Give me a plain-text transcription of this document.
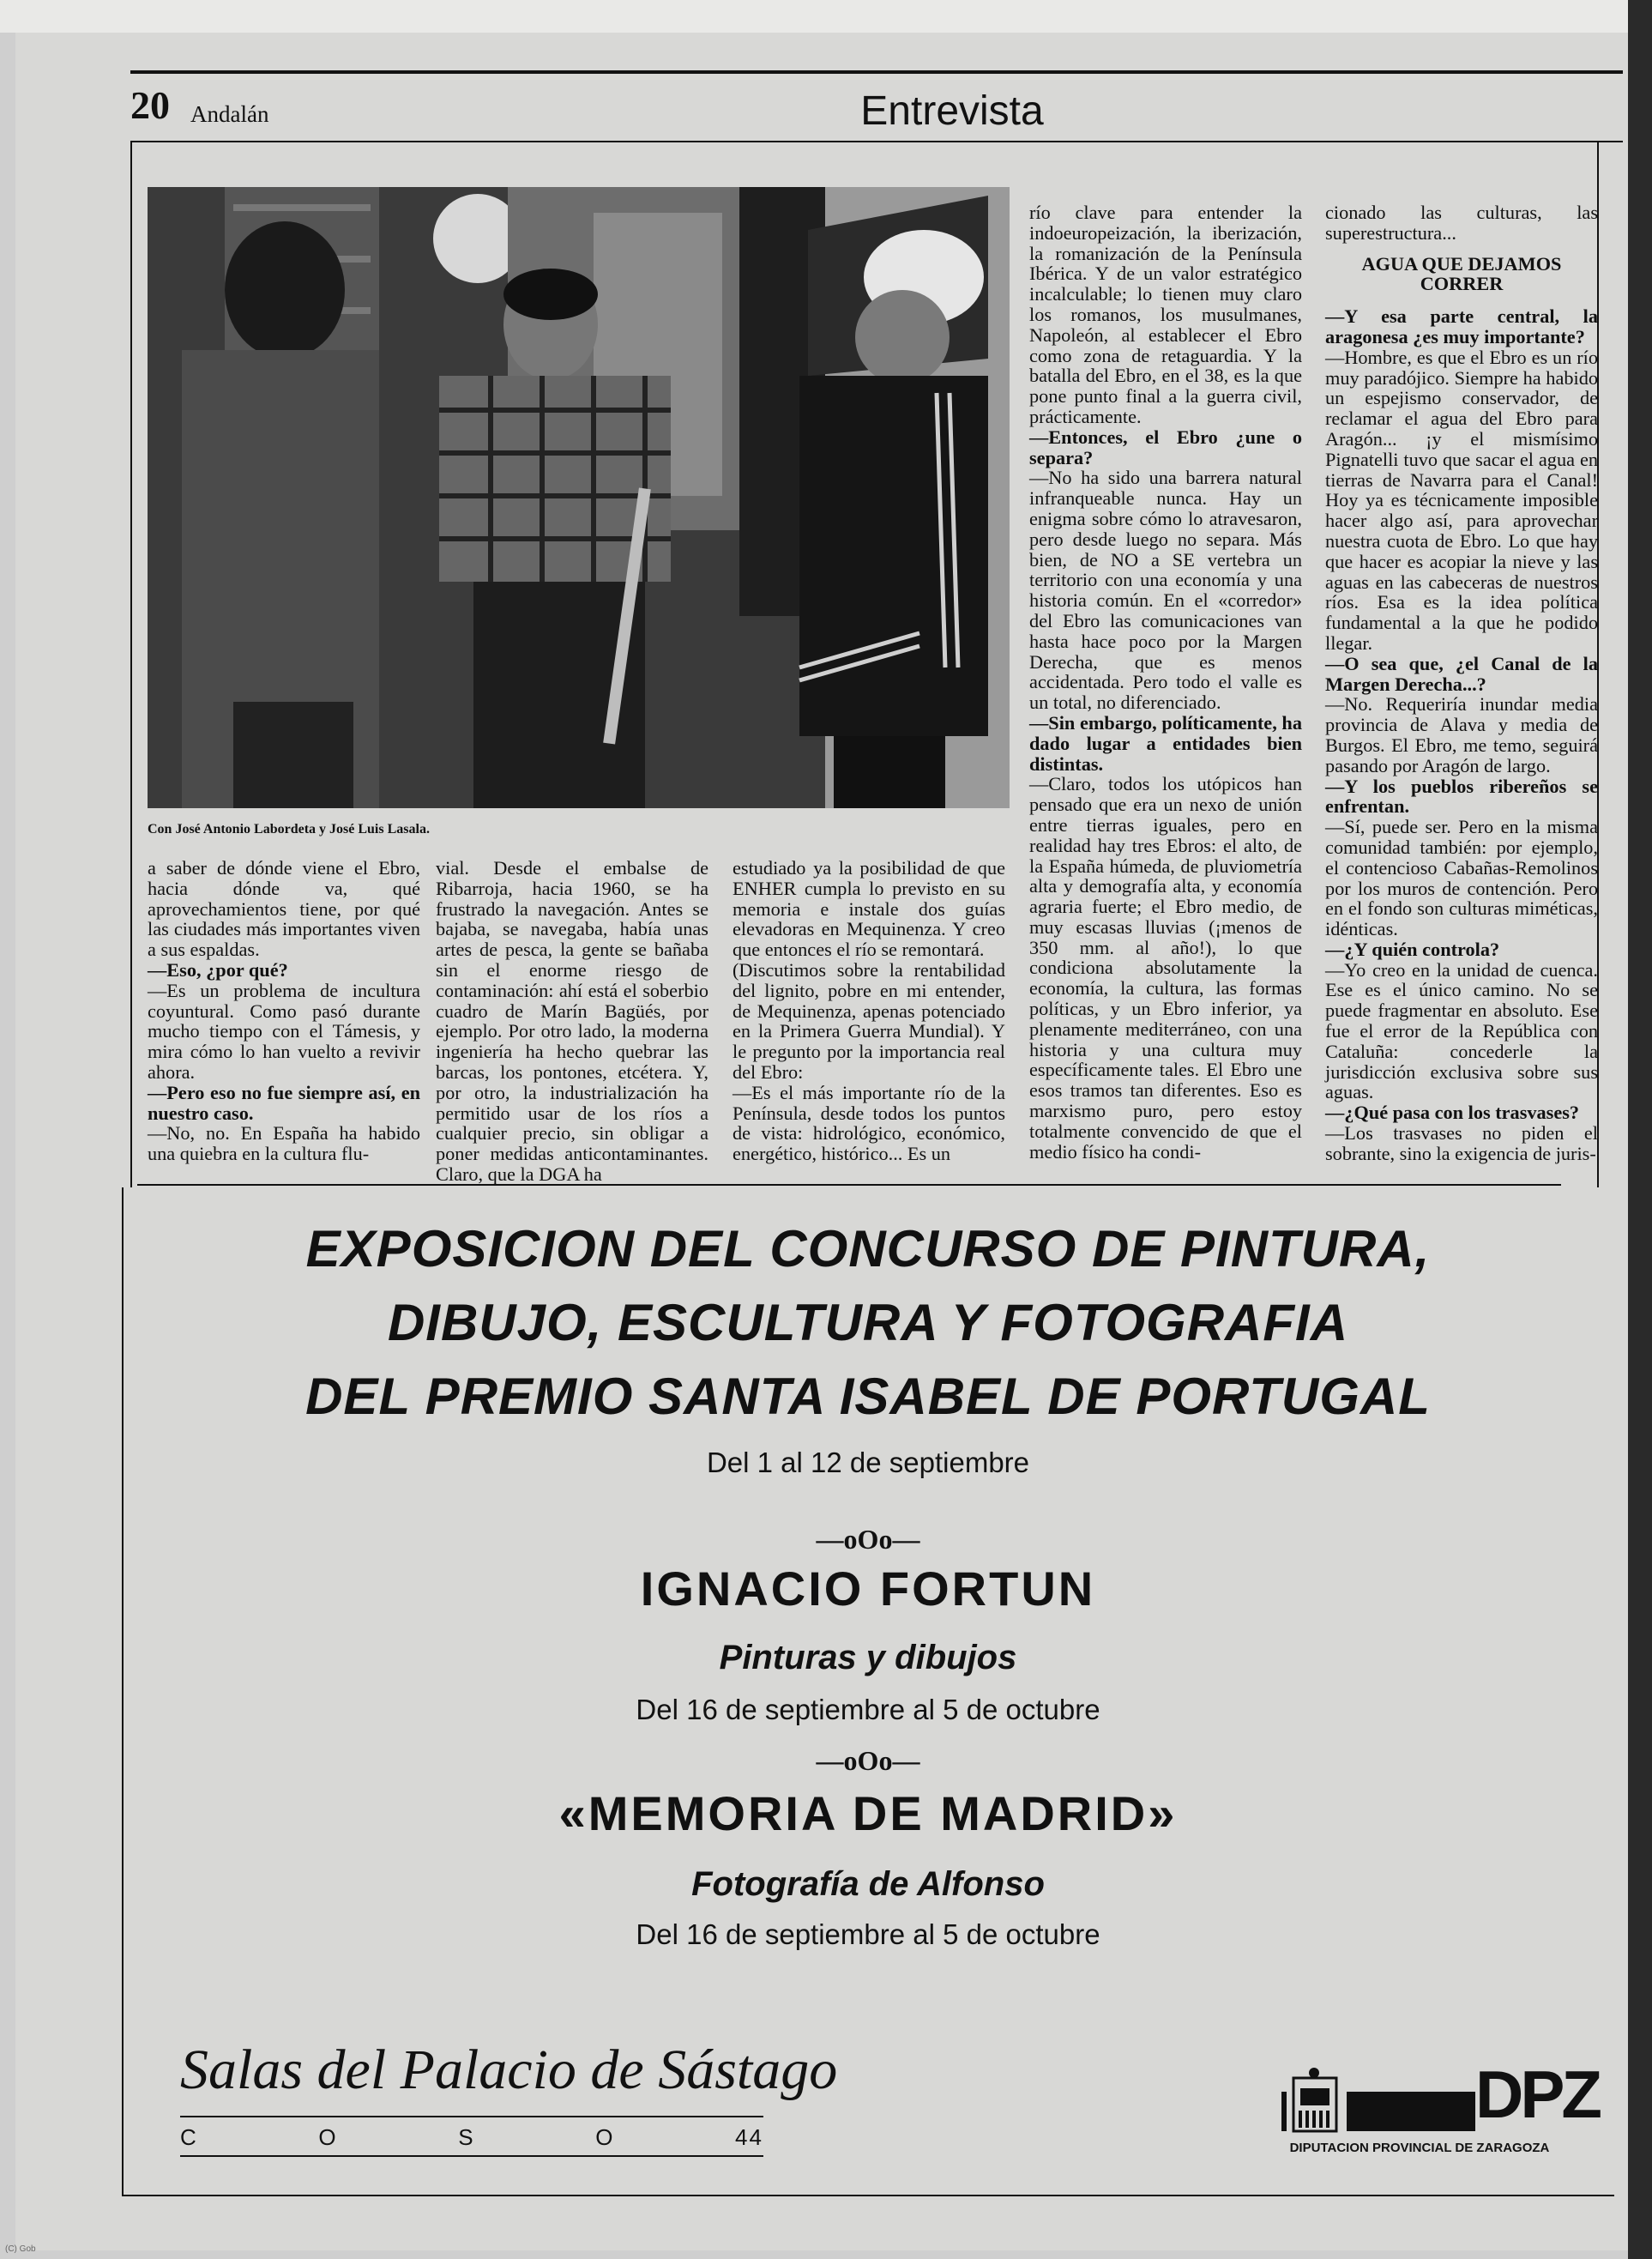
20 Andalán	Entrevista
Con José Antonio Labordeta y José Luis Lasala.

a saber de dónde viene el Ebro, hacia dónde va, qué aprovechamientos tiene, por qué las ciudades más importantes viven a sus espaldas.

—Eso, ¿por qué?

—Es un problema de incultura coyuntural. Como pasó durante mucho tiempo con el Támesis, y mira cómo lo han vuelto a revivir ahora.

—Pero eso no fue siempre así, en nuestro caso.

—No, no. En España ha habido una quiebra en la cultura flu-

vial. Desde el embalse de Ribarroja, hacia 1960, se ha frustrado la navegación. Antes se bajaba, se navegaba, había unas artes de pesca, la gente se bañaba sin el enorme riesgo de contaminación: ahí está el soberbio cuadro de Marín Bagüés, por ejemplo. Por otro lado, la moderna ingeniería ha hecho quebrar las barcas, los pontones, etcétera. Y, por otro, la industrialización ha permitido usar de los ríos a cualquier precio, sin obligar a poner medidas anticontaminantes. Claro, que la DGA ha

estudiado ya la posibilidad de que ENHER cumpla lo previsto en su memoria e instale dos guías elevadoras en Mequinenza. Y creo que entonces el río se remontará.

(Discutimos sobre la rentabilidad del lignito, pobre en mi entender, de Mequinenza, apenas potenciado en la Primera Guerra Mundial). Y le pregunto por la importancia real del Ebro:

—Es el más importante río de la Península, desde todos los puntos de vista: hidrológico, económico, energético, histórico... Es un

río clave para entender la indoeuropeización, la iberización, la romanización de la Península Ibérica. Y de un valor estratégico incalculable; lo tienen muy claro los romanos, los musulmanes, Napoleón, al establecer el Ebro como zona de retaguardia. Y la batalla del Ebro, en el 38, es la que pone punto final a la guerra civil, prácticamente.

—Entonces, el Ebro ¿une o separa?

—No ha sido una barrera natural infranqueable nunca. Hay un enigma sobre cómo lo atravesaron, pero desde luego no separa. Más bien, de NO a SE vertebra un territorio con una economía y una historia común. En el «corredor» del Ebro las comunicaciones van hasta hace poco por la Margen Derecha, que es menos accidentada. Pero todo el valle es un total, no diferenciado.

—Sin embargo, políticamente, ha dado lugar a entidades bien distintas.

—Claro, todos los utópicos han pensado que era un nexo de unión entre tierras iguales, pero en realidad hay tres Ebros: el alto, de la España húmeda, de pluviometría alta y demografía alta, y economía agraria fuerte; el Ebro medio, de muy escasas lluvias (¡menos de 350 mm. al año!), lo que condiciona absolutamente la economía, la cultura, las formas políticas, y un Ebro inferior, ya plenamente mediterráneo, con una historia y una cultura muy específicamente tales. El Ebro une esos tramos tan diferentes. Eso es marxismo puro, pero estoy totalmente convencido de que el medio físico ha condi-

cionado las culturas, las superestructura...

AGUA QUE DEJAMOS CORRER

—Y esa parte central, la aragonesa ¿es muy importante?

—Hombre, es que el Ebro es un río muy paradójico. Siempre ha habido un espejismo conservador, de reclamar el agua del Ebro para Aragón... ¡y el mismísimo Pignatelli tuvo que sacar el agua en tierras de Navarra para el Canal! Hoy ya es técnicamente imposible hacer algo así, para aprovechar nuestra cuota de Ebro. Lo que hay que hacer es acopiar la nieve y las aguas en las cabeceras de nuestros ríos. Esa es la idea política fundamental a la que he podido llegar.

—O sea que, ¿el Canal de la Margen Derecha...?

—No. Requeriría inundar media provincia de Alava y media de Burgos. El Ebro, me temo, seguirá pasando por Aragón de largo.

—Y los pueblos ribereños se enfrentan.

—Sí, puede ser. Pero en la misma comunidad también: por ejemplo, el contencioso Cabañas-Remolinos por los muros de contención. Pero en el fondo son culturas miméticas, idénticas.

—¿Y quién controla?

—Yo creo en la unidad de cuenca. Ese es el único camino. No se puede fragmentar en absoluto. Ese fue el error de la República con Cataluña: concederle la jurisdicción exclusiva sobre sus aguas.

—¿Qué pasa con los trasvases?

—Los trasvases no piden el sobrante, sino la exigencia de juris-

EXPOSICION DEL CONCURSO DE PINTURA,
DIBUJO, ESCULTURA Y FOTOGRAFIA
DEL PREMIO SANTA ISABEL DE PORTUGAL
Del 1 al 12 de septiembre
—oOo—
IGNACIO FORTUN
Pinturas y dibujos
Del 16 de septiembre al 5 de octubre
—oOo—
«MEMORIA DE MADRID»
Fotografía de Alfonso
Del 16 de septiembre al 5 de octubre
Salas del Palacio de Sástago
C	O	S	O	44
DPZ
DIPUTACION PROVINCIAL DE ZARAGOZA
(C) Gob
